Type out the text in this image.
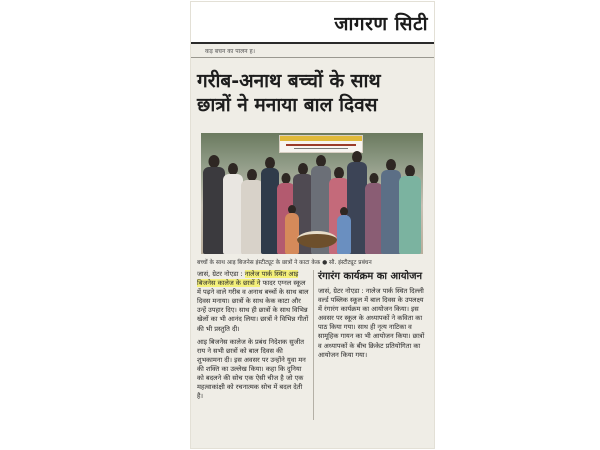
जागरण सिटी
कड़ बचन का पालन ह।
गरीब-अनाथ बच्चों के साथ
छात्रों ने मनाया बाल दिवस
बच्चों के साथ आइ बिजनेस इंस्टीट्यूट के छात्रों ने काटा केक ● सौ. इंस्टीट्यूट प्रबंधन

जासं, ग्रेटर नोएडा : नालेज पार्क स्थित आइ बिजनेस कालेज के छात्रों ने फादर एग्नल स्कूल में पढ़ने वाले गरीब व अनाथ बच्चों के साथ बाल दिवस मनाया। छात्रों के साथ केक काटा और उन्हें उपहार दिए। साथ ही छात्रों के साथ विभिन्न खेलों का भी आनंद लिया। छात्रों ने विभिन्न गीतों की भी प्रस्तुति दी।

आइ बिजनेस कालेज के प्रबंध निदेशक सुजीत राय ने सभी छात्रों को बाल दिवस की शुभकामना दी। इस अवसर पर उन्होंने युवा मन की शक्ति का उल्लेख किया। कहा कि दुनिया को बदलने की सोच एक ऐसी चीज है जो एक महत्वाकांक्षी को रचनात्मक सोच में बदल देती है।

रंगारंग कार्यक्रम का आयोजन
जासं, ग्रेटर नोएडा : नालेज पार्क स्थित दिल्ली वर्ल्ड पब्लिक स्कूल में बाल दिवस के उपलक्ष्य में रंगारंग कार्यक्रम का आयोजन किया। इस अवसर पर स्कूल के अध्यापकों ने कविता का पाठ किया गया। साथ ही नृत्य नाटिका व सामूहिक गायन का भी आयोजन किया। छात्रों व अध्यापकों के बीच क्रिकेट प्रतियोगिता का आयोजन किया गया।
